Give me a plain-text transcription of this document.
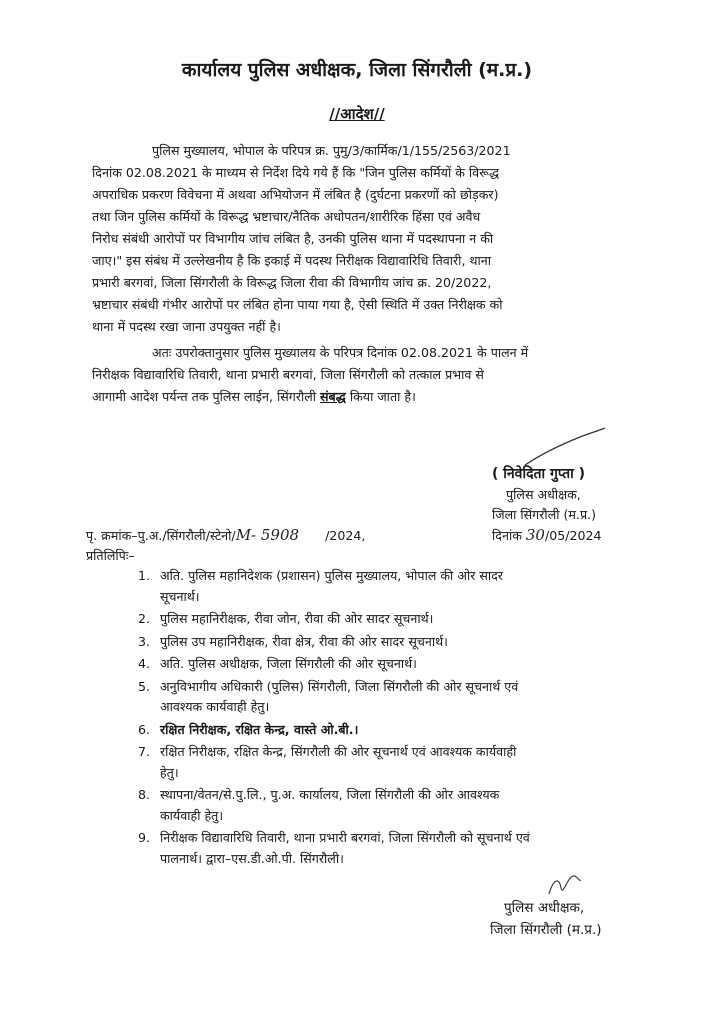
कार्यालय पुलिस अधीक्षक, जिला सिंगरौली (म.प्र.)
//आदेश//
पुलिस मुख्यालय, भोपाल के परिपत्र क्र. पुमु/3/कार्मिक/1/155/2563/2021
दिनांक 02.08.2021 के माध्यम से निर्देश दिये गये हैं कि "जिन पुलिस कर्मियों के विरूद्ध
अपराधिक प्रकरण विवेचना में अथवा अभियोजन में लंबित है (दुर्घटना प्रकरणों को छोड़कर)
तथा जिन पुलिस कर्मियों के विरूद्ध भ्रष्टाचार/नैतिक अधोपतन/शारीरिक हिंसा एवं अवैध
निरोध संबंधी आरोपों पर विभागीय जांच लंबित है, उनकी पुलिस थाना में पदस्थापना न की
जाए।" इस संबंध में उल्लेखनीय है कि इकाई में पदस्थ निरीक्षक विद्यावारिधि तिवारी, थाना
प्रभारी बरगवां, जिला सिंगरौली के विरूद्ध जिला रीवा की विभागीय जांच क्र. 20/2022,
भ्रष्टाचार संबंधी गंभीर आरोपों पर लंबित होना पाया गया है, ऐसी स्थिति में उक्त निरीक्षक को
थाना में पदस्थ रखा जाना उपयुक्त नहीं है।
अतः उपरोक्तानुसार पुलिस मुख्यालय के परिपत्र दिनांक 02.08.2021 के पालन में
निरीक्षक विद्यावारिधि तिवारी, थाना प्रभारी बरगवां, जिला सिंगरौली को तत्काल प्रभाव से
आगामी आदेश पर्यन्त तक पुलिस लाईन, सिंगरौली संबद्ध किया जाता है।
( निवेदिता गुप्ता )
पुलिस अधीक्षक,
जिला सिंगरौली (म.प्र.)
पृ. क्रमांक–पु.अ./सिंगरौली/स्टेनो/M- 5908 /2024,	दिनांक 30/05/2024
प्रतिलिपिः–
1. अति. पुलिस महानिदेशक (प्रशासन) पुलिस मुख्यालय, भोपाल की ओर सादर
सूचनार्थ।
2. पुलिस महानिरीक्षक, रीवा जोन, रीवा की ओर सादर सूचनार्थ।
3. पुलिस उप महानिरीक्षक, रीवा क्षेत्र, रीवा की ओर सादर सूचनार्थ।
4. अति. पुलिस अधीक्षक, जिला सिंगरौली की ओर सूचनार्थ।
5. अनुविभागीय अधिकारी (पुलिस) सिंगरौली, जिला सिंगरौली की ओर सूचनार्थ एवं
आवश्यक कार्यवाही हेतु।
6. रक्षित निरीक्षक, रक्षित केन्द्र, वास्ते ओ.बी.।
7. रक्षित निरीक्षक, रक्षित केन्द्र, सिंगरौली की ओर सूचनार्थ एवं आवश्यक कार्यवाही
हेतु।
8. स्थापना/वेतन/से.पु.लि., पु.अ. कार्यालय, जिला सिंगरौली की ओर आवश्यक
कार्यवाही हेतु।
9. निरीक्षक विद्यावारिधि तिवारी, थाना प्रभारी बरगवां, जिला सिंगरौली को सूचनार्थ एवं
पालनार्थ। द्वारा–एस.डी.ओ.पी. सिंगरौली।
पुलिस अधीक्षक,
जिला सिंगरौली (म.प्र.)
